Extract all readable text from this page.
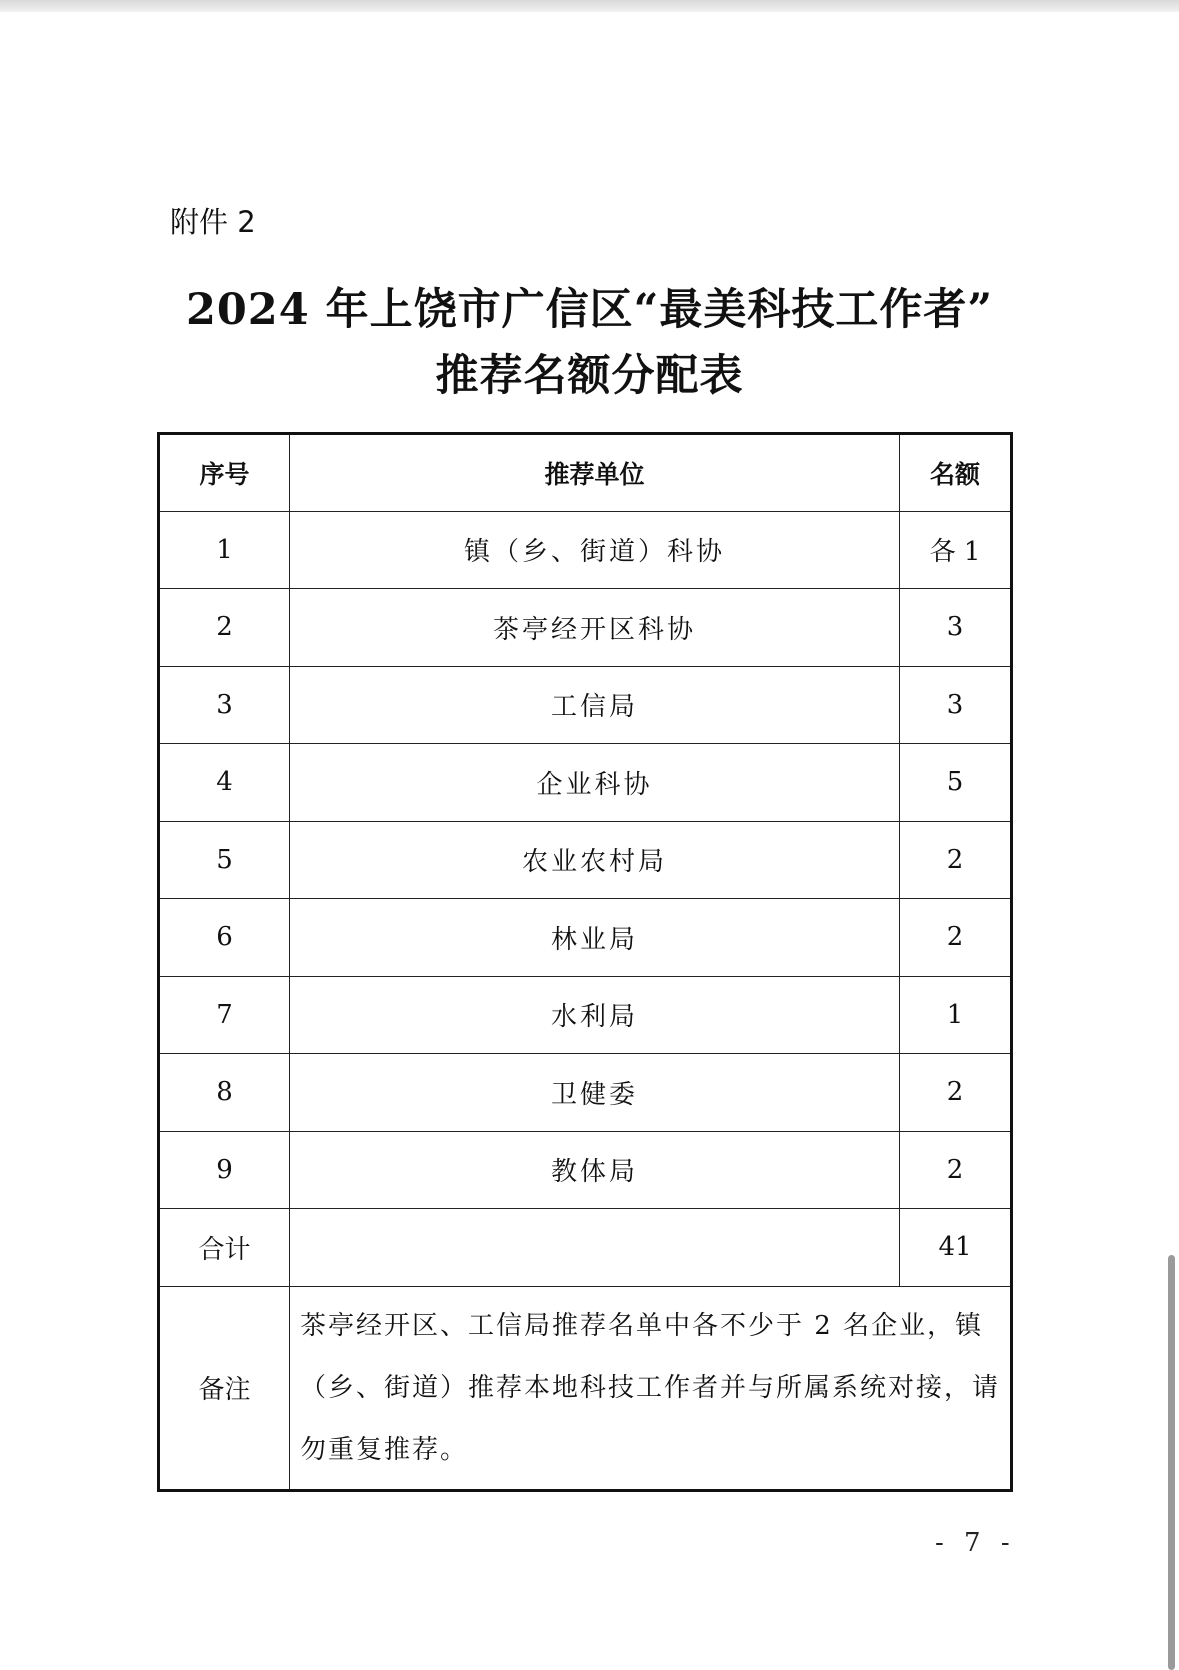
附件 2
2024 年上饶市广信区“最美科技工作者”
推荐名额分配表
序号	推荐单位	名额
1	镇（乡、街道）科协	各 1
2	茶亭经开区科协	3
3	工信局	3
4	企业科协	5
5	农业农村局	2
6	林业局	2
7	水利局	1
8	卫健委	2
9	教体局	2
合计		41
备注	茶亭经开区、工信局推荐名单中各不少于 2 名企业，镇（乡、街道）推荐本地科技工作者并与所属系统对接，请勿重复推荐。	
- 7 -
